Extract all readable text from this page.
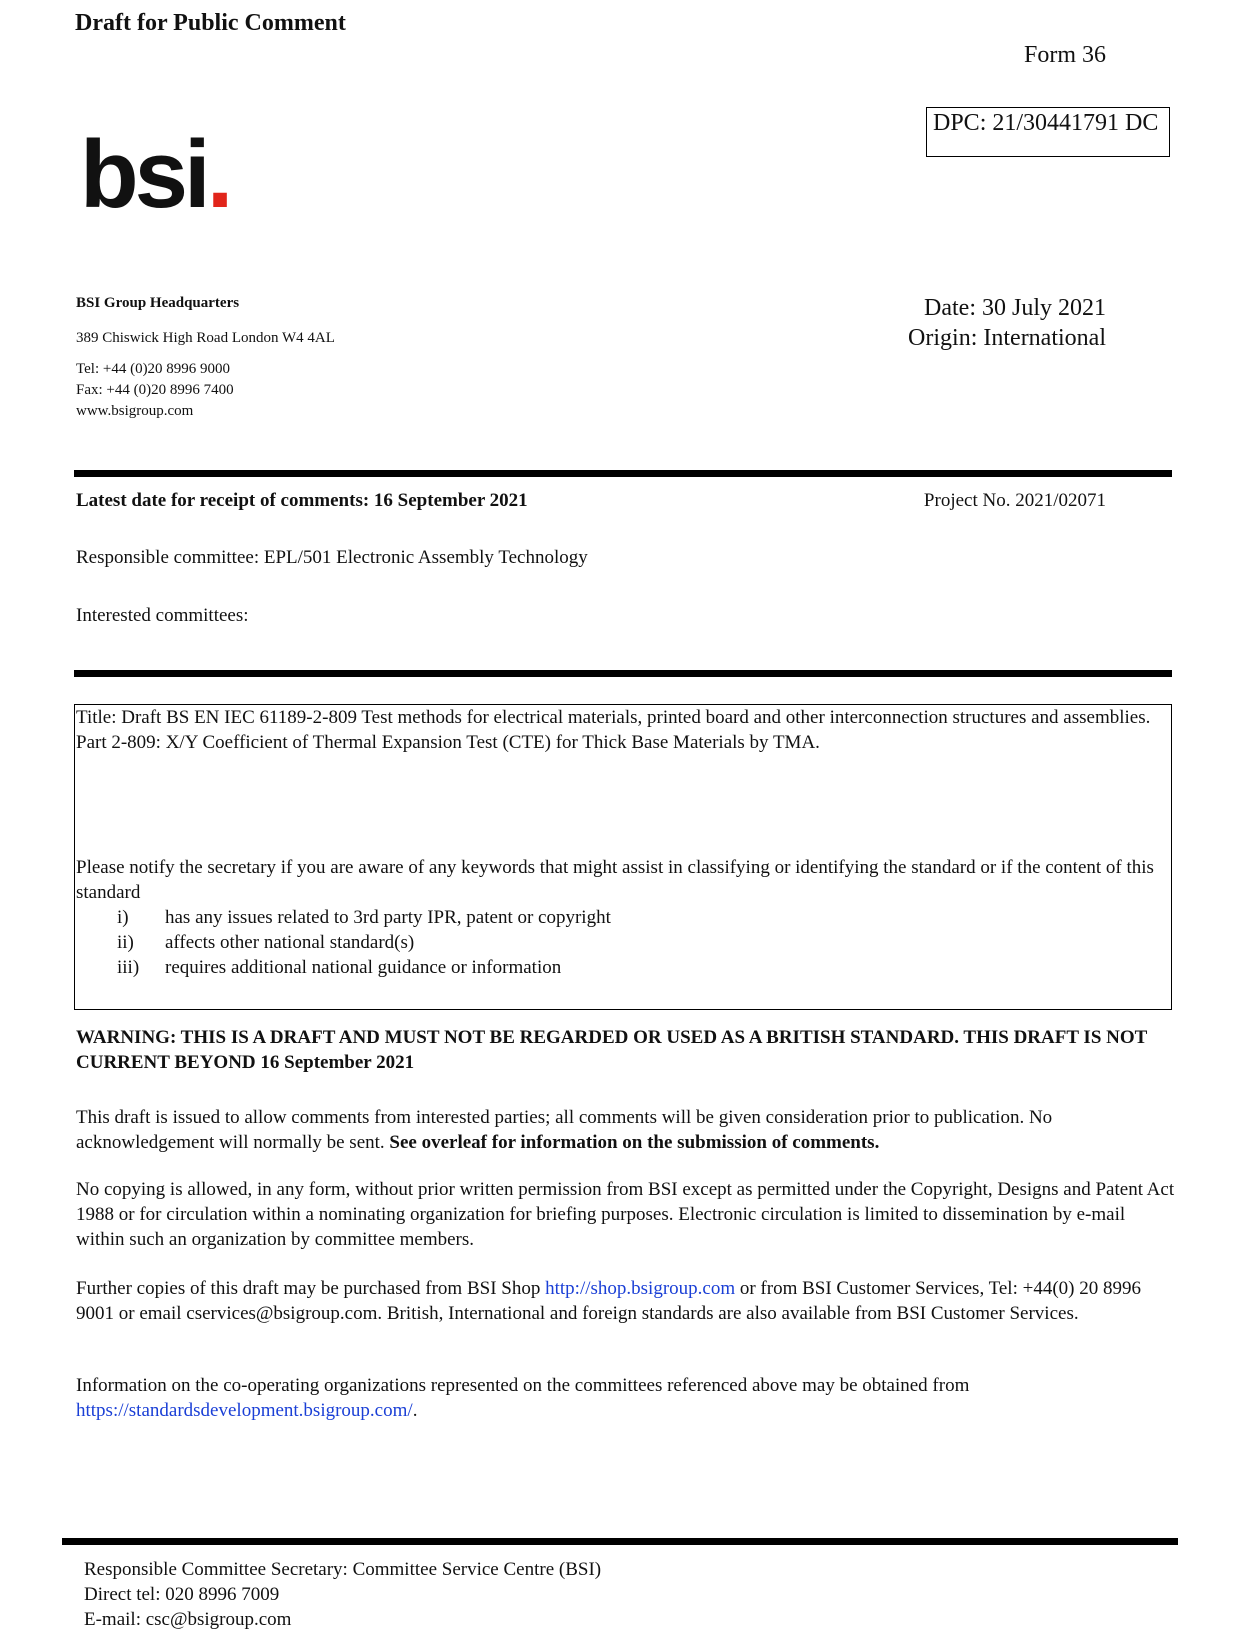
Draft for Public Comment
Form 36
DPC: 21/30441791 DC
bsi.
BSI Group Headquarters
389 Chiswick High Road London W4 4AL
Tel: +44 (0)20 8996 9000
Fax: +44 (0)20 8996 7400
www.bsigroup.com
Date: 30 July 2021
Origin: International
Latest date for receipt of comments: 16 September 2021	Project No. 2021/02071
Responsible committee: EPL/501 Electronic Assembly Technology
Interested committees:
Title: Draft BS EN IEC 61189-2-809 Test methods for electrical materials, printed board and other interconnection structures and assemblies. Part 2-809: X/Y Coefficient of Thermal Expansion Test (CTE) for Thick Base Materials by TMA.
Please notify the secretary if you are aware of any keywords that might assist in classifying or identifying the standard or if the content of this standard
i)	has any issues related to 3rd party IPR, patent or copyright
ii)	affects other national standard(s)
iii)	requires additional national guidance or information
WARNING: THIS IS A DRAFT AND MUST NOT BE REGARDED OR USED AS A BRITISH STANDARD. THIS DRAFT IS NOT CURRENT BEYOND 16 September 2021
This draft is issued to allow comments from interested parties; all comments will be given consideration prior to publication. No acknowledgement will normally be sent. See overleaf for information on the submission of comments.
No copying is allowed, in any form, without prior written permission from BSI except as permitted under the Copyright, Designs and Patent Act 1988 or for circulation within a nominating organization for briefing purposes. Electronic circulation is limited to dissemination by e-mail within such an organization by committee members.
Further copies of this draft may be purchased from BSI Shop http://shop.bsigroup.com or from BSI Customer Services, Tel: +44(0) 20 8996 9001 or email cservices@bsigroup.com. British, International and foreign standards are also available from BSI Customer Services.
Information on the co-operating organizations represented on the committees referenced above may be obtained from https://standardsdevelopment.bsigroup.com/.
Responsible Committee Secretary: Committee Service Centre (BSI)
Direct tel: 020 8996 7009
E-mail: csc@bsigroup.com
